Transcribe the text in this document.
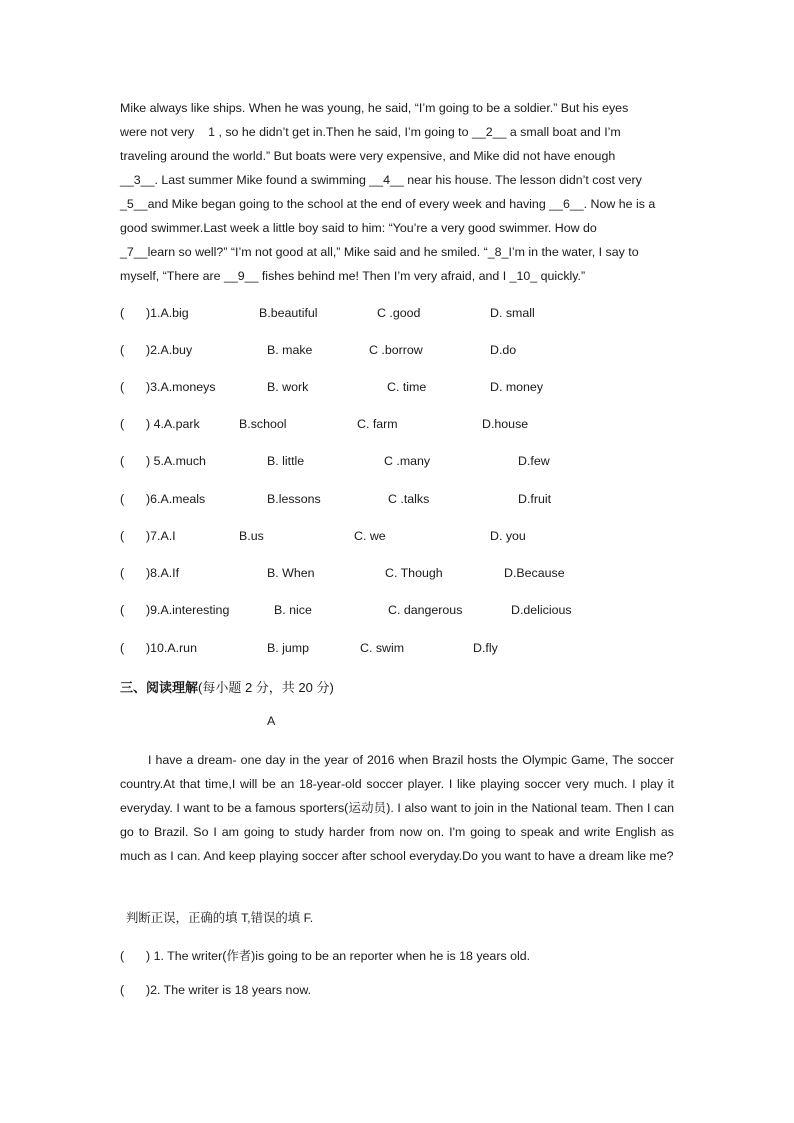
Mike always like ships. When he was young, he said, “I’m going to be a soldier.” But his eyes

were not very    1 , so he didn’t get in.Then he said, I’m going to __2__ a small boat and I’m

traveling around the world.” But boats were very expensive, and Mike did not have enough

__3__. Last summer Mike found a swimming __4__ near his house. The lesson didn’t cost very

_5__and Mike began going to the school at the end of every week and having __6__. Now he is a

good swimmer.Last week a little boy said to him: “You’re a very good swimmer. How do

_7__learn so well?” “I’m not good at all,” Mike said and he smiled. “_8_I’m in the water, I say to

myself, “There are __9__ fishes behind me! Then I’m very afraid, and I _10_ quickly.”

( )1.A.big	B.beautiful	C .good	D. small
( )2.A.buy	B. make	C .borrow	D.do
( )3.A.moneys	B. work	C. time	D. money
( ) 4.A.park	B.school	C. farm	D.house
( ) 5.A.much	B. little	C .many	D.few
( )6.A.meals	B.lessons	C .talks	D.fruit
( )7.A.I	B.us	C. we	D. you
( )8.A.If	B. When	C. Though	D.Because
( )9.A.interesting	B. nice	C. dangerous	D.delicious
( )10.A.run	B. jump	C. swim	D.fly
三、阅读理解(每小题 2 分，共 20 分)
A

I have a dream- one day in the year of 2016 when Brazil hosts the Olympic Game, The soccer country.At that time,I will be an 18-year-old soccer player. I like playing soccer very much. I play it everyday. I want to be a famous sporters(运动员). I also want to join in the National team. Then I can go to Brazil. So I am going to study harder from now on. I'm going to speak and write English as much as I can. And keep playing soccer after school everyday.Do you want to have a dream like me?

判断正误，正确的填 T,错误的填 F.
( ) 1. The writer(作者)is going to be an reporter when he is 18 years old.
( )2. The writer is 18 years now.
